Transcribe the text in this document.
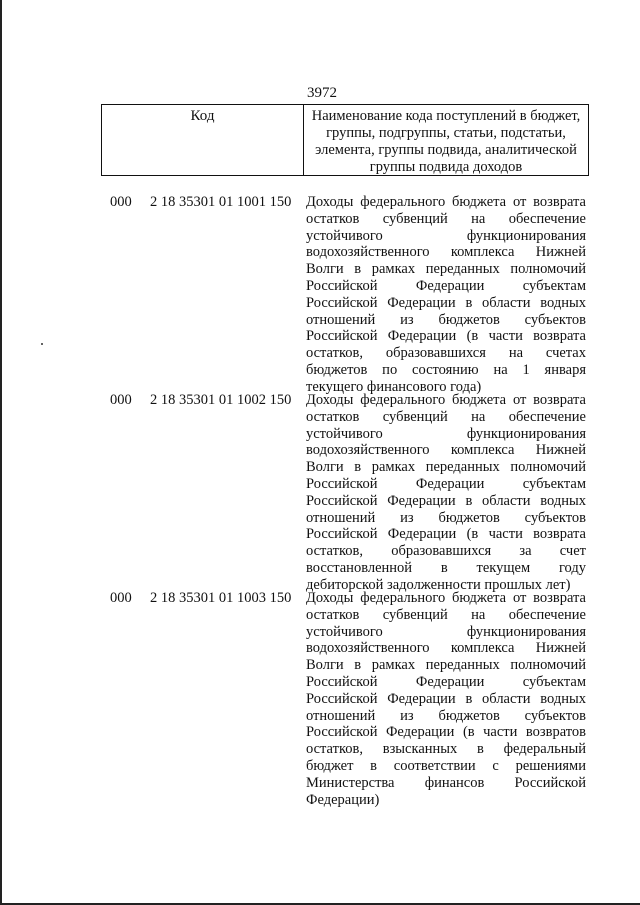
3972
Код	Наименование кода поступлений в бюджет, группы, подгруппы, статьи, подстатьи, элемента, группы подвида, аналитической группы подвида доходов
000 2 18 35301 01 1001 150 Доходы федерального бюджета от возврата остатков субвенций на обеспечение устойчивого функционирования водохозяйственного комплекса Нижней Волги в рамках переданных полномочий Российской Федерации субъектам Российской Федерации в области водных отношений из бюджетов субъектов Российской Федерации (в части возврата остатков, образовавшихся на счетах бюджетов по состоянию на 1 января текущего финансового года)
000 2 18 35301 01 1002 150 Доходы федерального бюджета от возврата остатков субвенций на обеспечение устойчивого функционирования водохозяйственного комплекса Нижней Волги в рамках переданных полномочий Российской Федерации субъектам Российской Федерации в области водных отношений из бюджетов субъектов Российской Федерации (в части возврата остатков, образовавшихся за счет восстановленной в текущем году дебиторской задолженности прошлых лет)
000 2 18 35301 01 1003 150 Доходы федерального бюджета от возврата остатков субвенций на обеспечение устойчивого функционирования водохозяйственного комплекса Нижней Волги в рамках переданных полномочий Российской Федерации субъектам Российской Федерации в области водных отношений из бюджетов субъектов Российской Федерации (в части возвратов остатков, взысканных в федеральный бюджет в соответствии с решениями Министерства финансов Российской Федерации)
